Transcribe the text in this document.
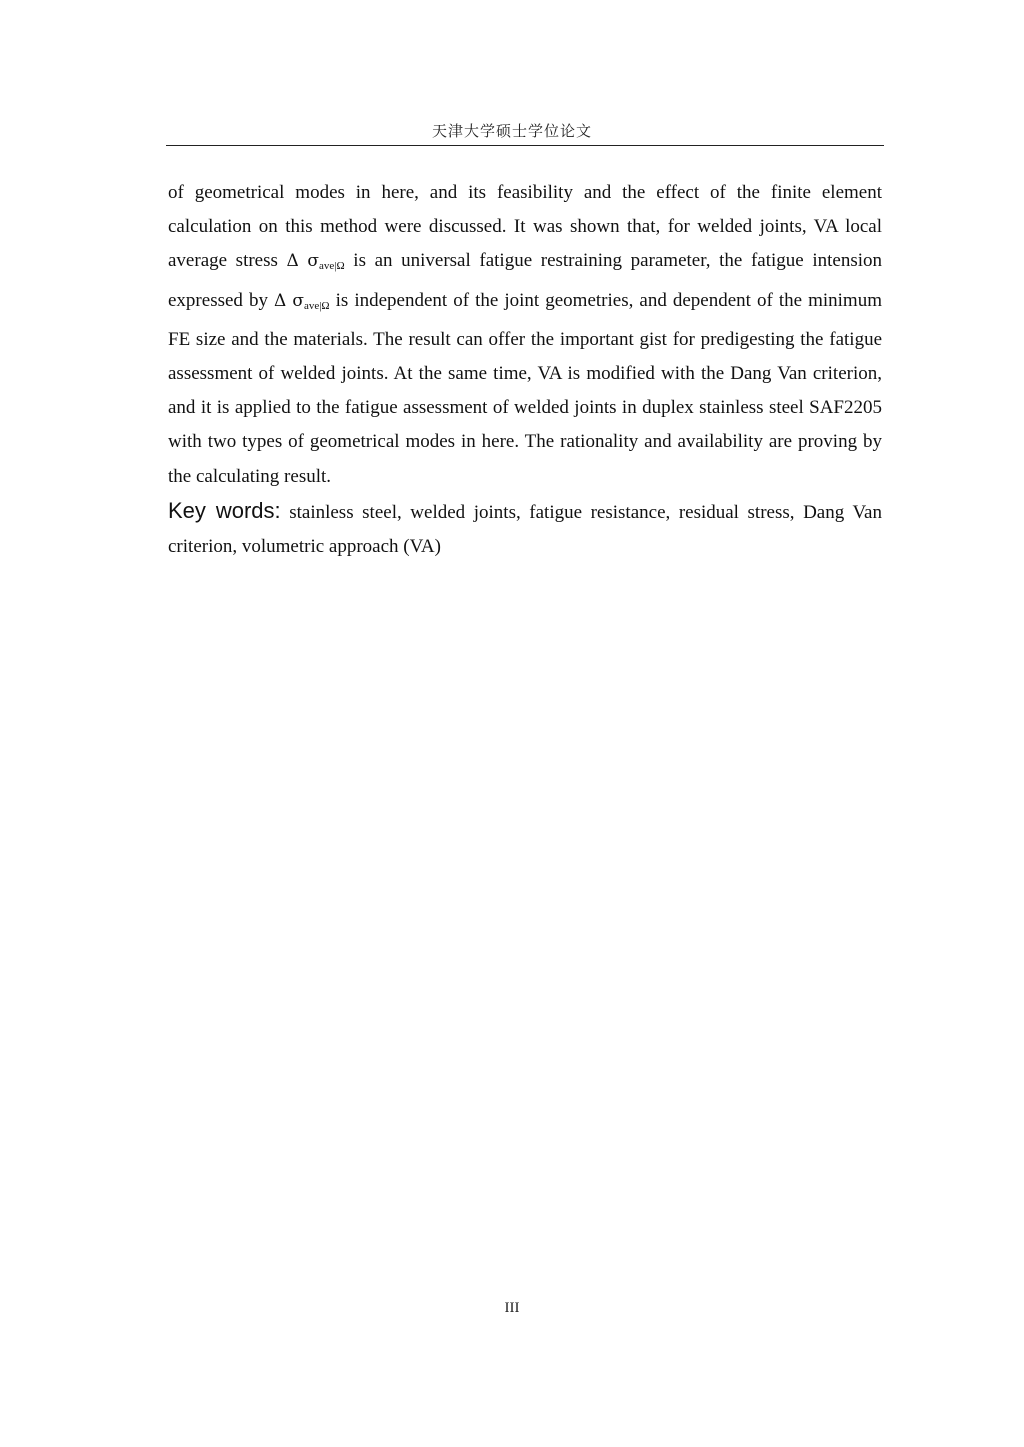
天津大学硕士学位论文

of geometrical modes in here, and its feasibility and the effect of the finite element calculation on this method were discussed. It was shown that, for welded joints, VA local average stress Δ $\sigma_{ave|\Omega}$ is an universal fatigue restraining parameter, the fatigue intension expressed by Δ $\sigma_{ave|\Omega}$ is independent of the joint geometries, and dependent of the minimum FE size and the materials. The result can offer the important gist for predigesting the fatigue assessment of welded joints. At the same time, VA is modified with the Dang Van criterion, and it is applied to the fatigue assessment of welded joints in duplex stainless steel SAF2205 with two types of geometrical modes in here. The rationality and availability are proving by the calculating result.

Key words: stainless steel, welded joints, fatigue resistance, residual stress, Dang Van criterion, volumetric approach (VA)

III
